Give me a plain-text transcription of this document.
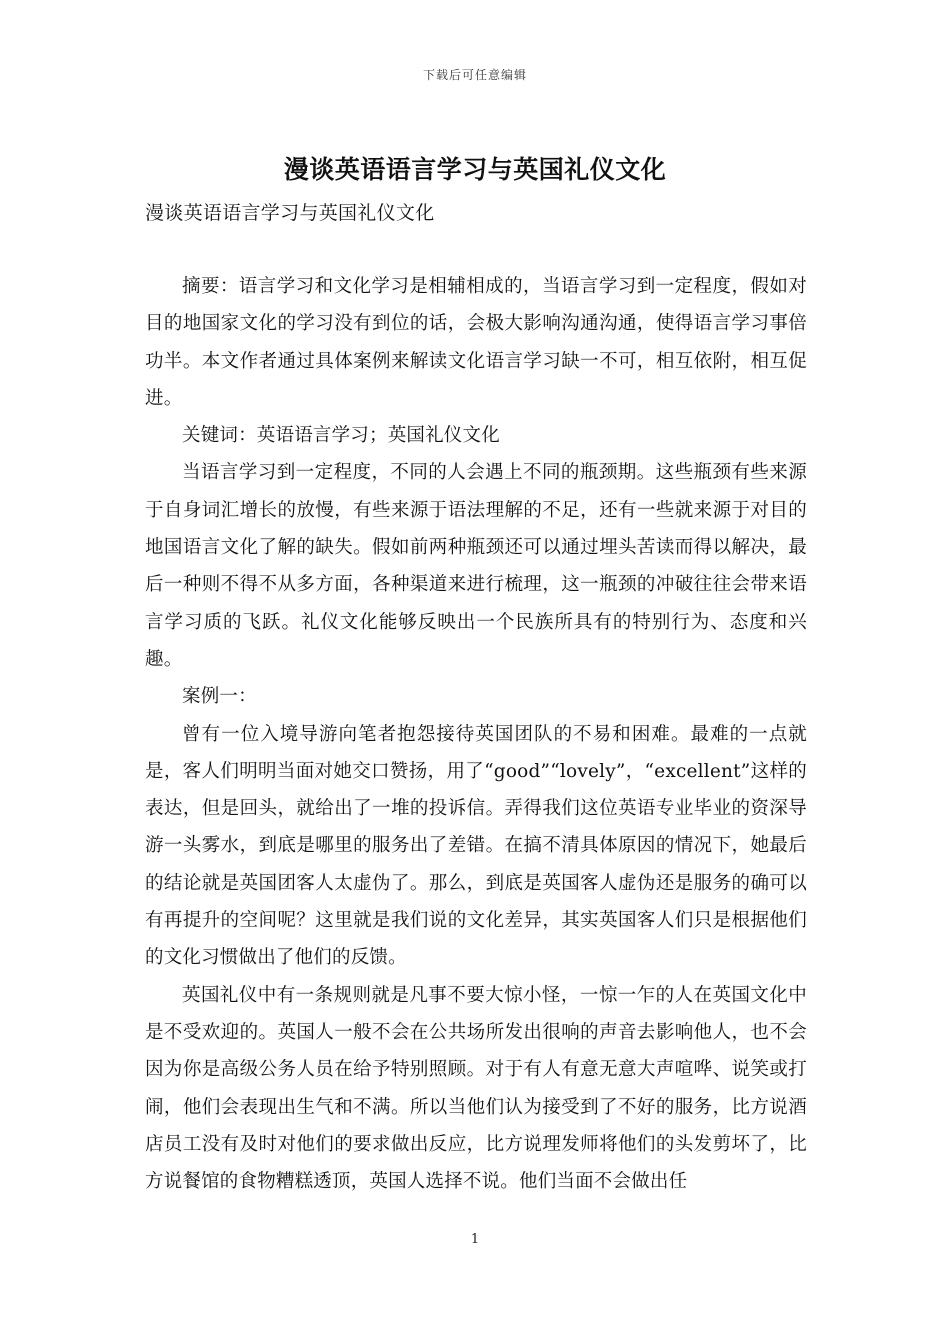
下载后可任意编辑
漫谈英语语言学习与英国礼仪文化
漫谈英语语言学习与英国礼仪文化

摘要：语言学习和文化学习是相辅相成的，当语言学习到一定程度，假如对目的地国家文化的学习没有到位的话，会极大影响沟通沟通，使得语言学习事倍功半。本文作者通过具体案例来解读文化语言学习缺一不可，相互依附，相互促进。

关键词：英语语言学习；英国礼仪文化

当语言学习到一定程度，不同的人会遇上不同的瓶颈期。这些瓶颈有些来源于自身词汇增长的放慢，有些来源于语法理解的不足，还有一些就来源于对目的地国语言文化了解的缺失。假如前两种瓶颈还可以通过埋头苦读而得以解决，最后一种则不得不从多方面，各种渠道来进行梳理，这一瓶颈的冲破往往会带来语言学习质的飞跃。礼仪文化能够反映出一个民族所具有的特别行为、态度和兴趣。

案例一：

曾有一位入境导游向笔者抱怨接待英国团队的不易和困难。最难的一点就是，客人们明明当面对她交口赞扬，用了“good”“lovely”，“excellent”这样的表达，但是回头，就给出了一堆的投诉信。弄得我们这位英语专业毕业的资深导游一头雾水，到底是哪里的服务出了差错。在搞不清具体原因的情况下，她最后的结论就是英国团客人太虚伪了。那么，到底是英国客人虚伪还是服务的确可以有再提升的空间呢？这里就是我们说的文化差异，其实英国客人们只是根据他们的文化习惯做出了他们的反馈。

英国礼仪中有一条规则就是凡事不要大惊小怪，一惊一乍的人在英国文化中是不受欢迎的。英国人一般不会在公共场所发出很响的声音去影响他人，也不会因为你是高级公务人员在给予特别照顾。对于有人有意无意大声喧哗、说笑或打闹，他们会表现出生气和不满。所以当他们认为接受到了不好的服务，比方说酒店员工没有及时对他们的要求做出反应，比方说理发师将他们的头发剪坏了，比方说餐馆的食物糟糕透顶，英国人选择不说。他们当面不会做出任

1
